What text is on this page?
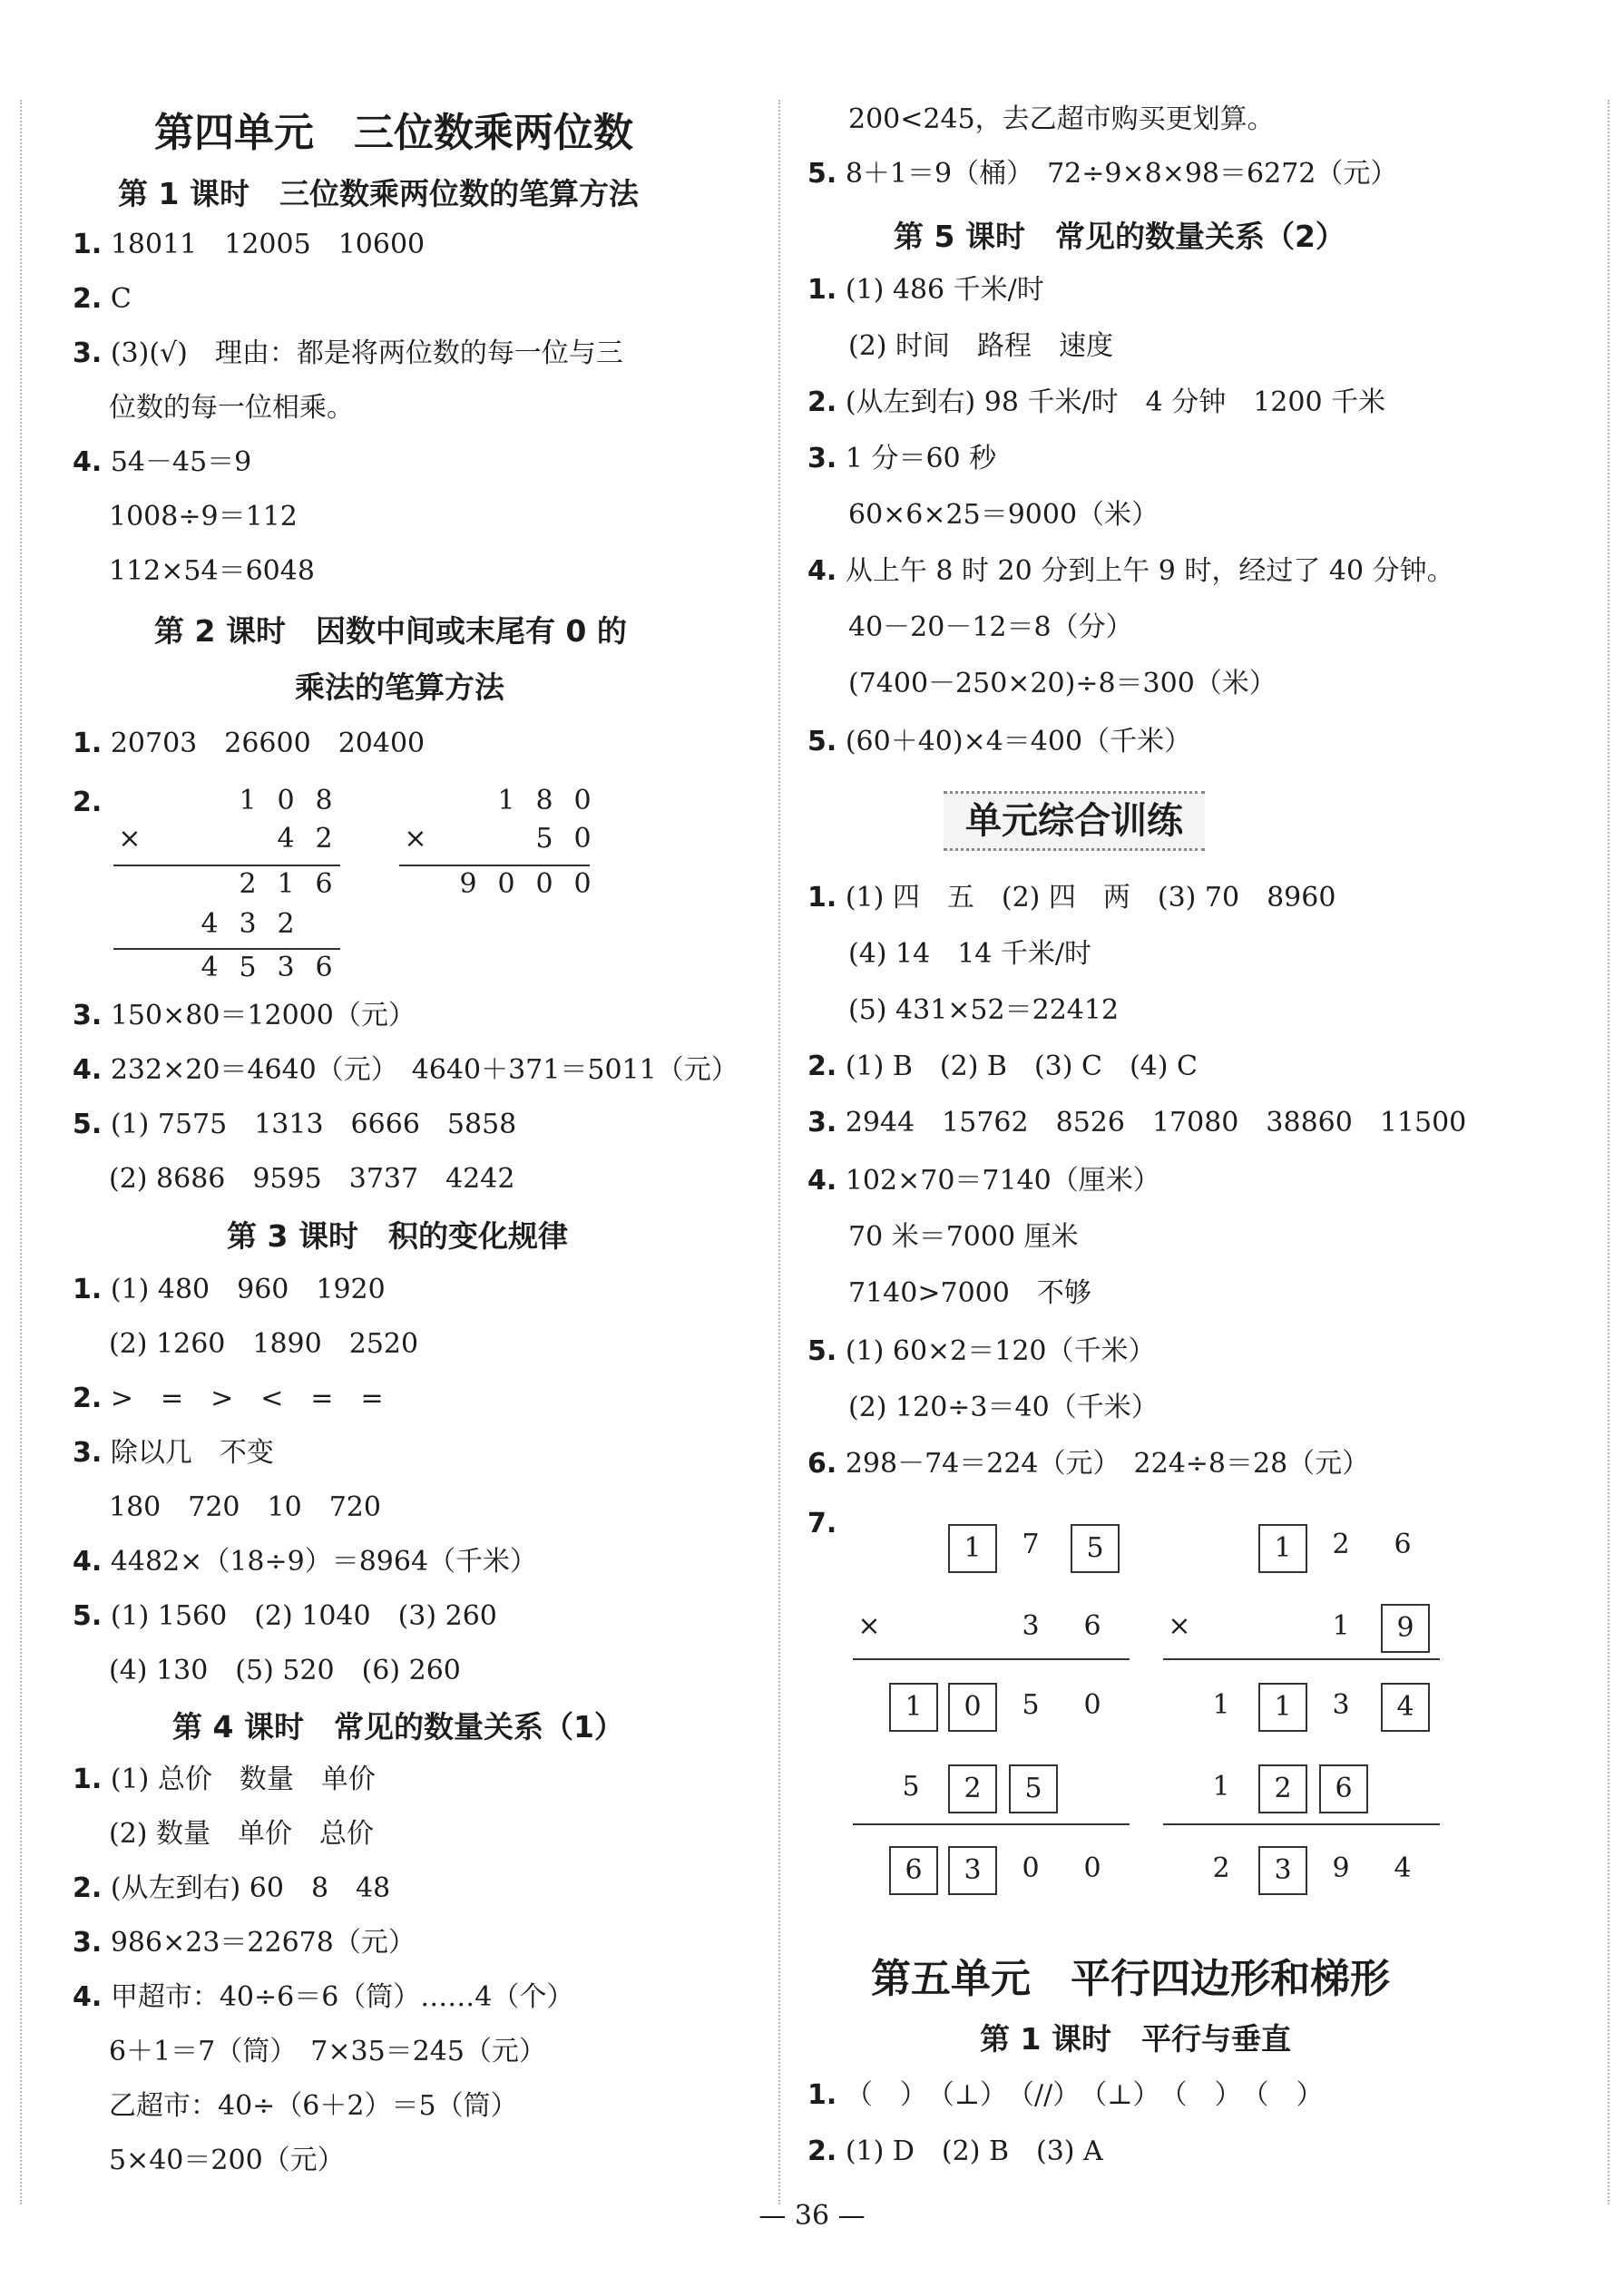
第四单元　三位数乘两位数
第 1 课时　三位数乘两位数的笔算方法
1. 18011　12005　10600
2. C
3. (3)(√)　理由：都是将两位数的每一位与三
位数的每一位相乘。
4. 54－45＝9
1008÷9＝112
112×54＝6048
第 2 课时　因数中间或末尾有 0 的
乘法的笔算方法
1. 20703　26600　20400
2.	1 0 8
×	4 2
2 1 6
4 3 2
4 5 3 6
1 8 0
×	5 0
9 0 0 0
3. 150×80＝12000（元）
4. 232×20＝4640（元）　4640＋371＝5011（元）
5. (1) 7575　1313　6666　5858
(2) 8686　9595　3737　4242
第 3 课时　积的变化规律
1. (1) 480　960　1920
(2) 1260　1890　2520
2. >　=　>　<　=　=
3. 除以几　不变
180　720　10　720
4. 4482×（18÷9）＝8964（千米）
5. (1) 1560　(2) 1040　(3) 260
(4) 130　(5) 520　(6) 260
第 4 课时　常见的数量关系（1）
1. (1) 总价　数量　单价
(2) 数量　单价　总价
2. (从左到右) 60　8　48
3. 986×23＝22678（元）
4. 甲超市：40÷6＝6（筒）……4（个）
6＋1＝7（筒）　7×35＝245（元）
乙超市：40÷（6＋2）＝5（筒）
5×40＝200（元）
200<245，去乙超市购买更划算。
5. 8＋1＝9（桶）　72÷9×8×98＝6272（元）
第 5 课时　常见的数量关系（2）
1. (1) 486 千米/时
(2) 时间　路程　速度
2. (从左到右) 98 千米/时　4 分钟　1200 千米
3. 1 分＝60 秒
60×6×25＝9000（米）
4. 从上午 8 时 20 分到上午 9 时，经过了 40 分钟。
40－20－12＝8（分）
(7400－250×20)÷8＝300（米）
5. (60＋40)×4＝400（千米）
单元综合训练
1. (1) 四　五　(2) 四　两　(3) 70　8960
(4) 14　14 千米/时
(5) 431×52＝22412
2. (1) B　(2) B　(3) C　(4) C
3. 2944　15762　8526　17080　38860　11500
4. 102×70＝7140（厘米）
70 米＝7000 厘米
7140>7000　不够
5. (1) 60×2＝120（千米）
(2) 120÷3＝40（千米）
6. 298－74＝224（元）　224÷8＝28（元）
7.
1	7	5
×	3 6
1	0	5 0
5	2	5
6	3	0 0
1	2 6
×	1	9
1	1	3	4
1	2	6
2	3	9 4
第五单元　平行四边形和梯形
第 1 课时　平行与垂直
1. （　）　（⊥）　（//）　（⊥）　（　）　（　）
2. (1) D　(2) B　(3) A
— 36 —
